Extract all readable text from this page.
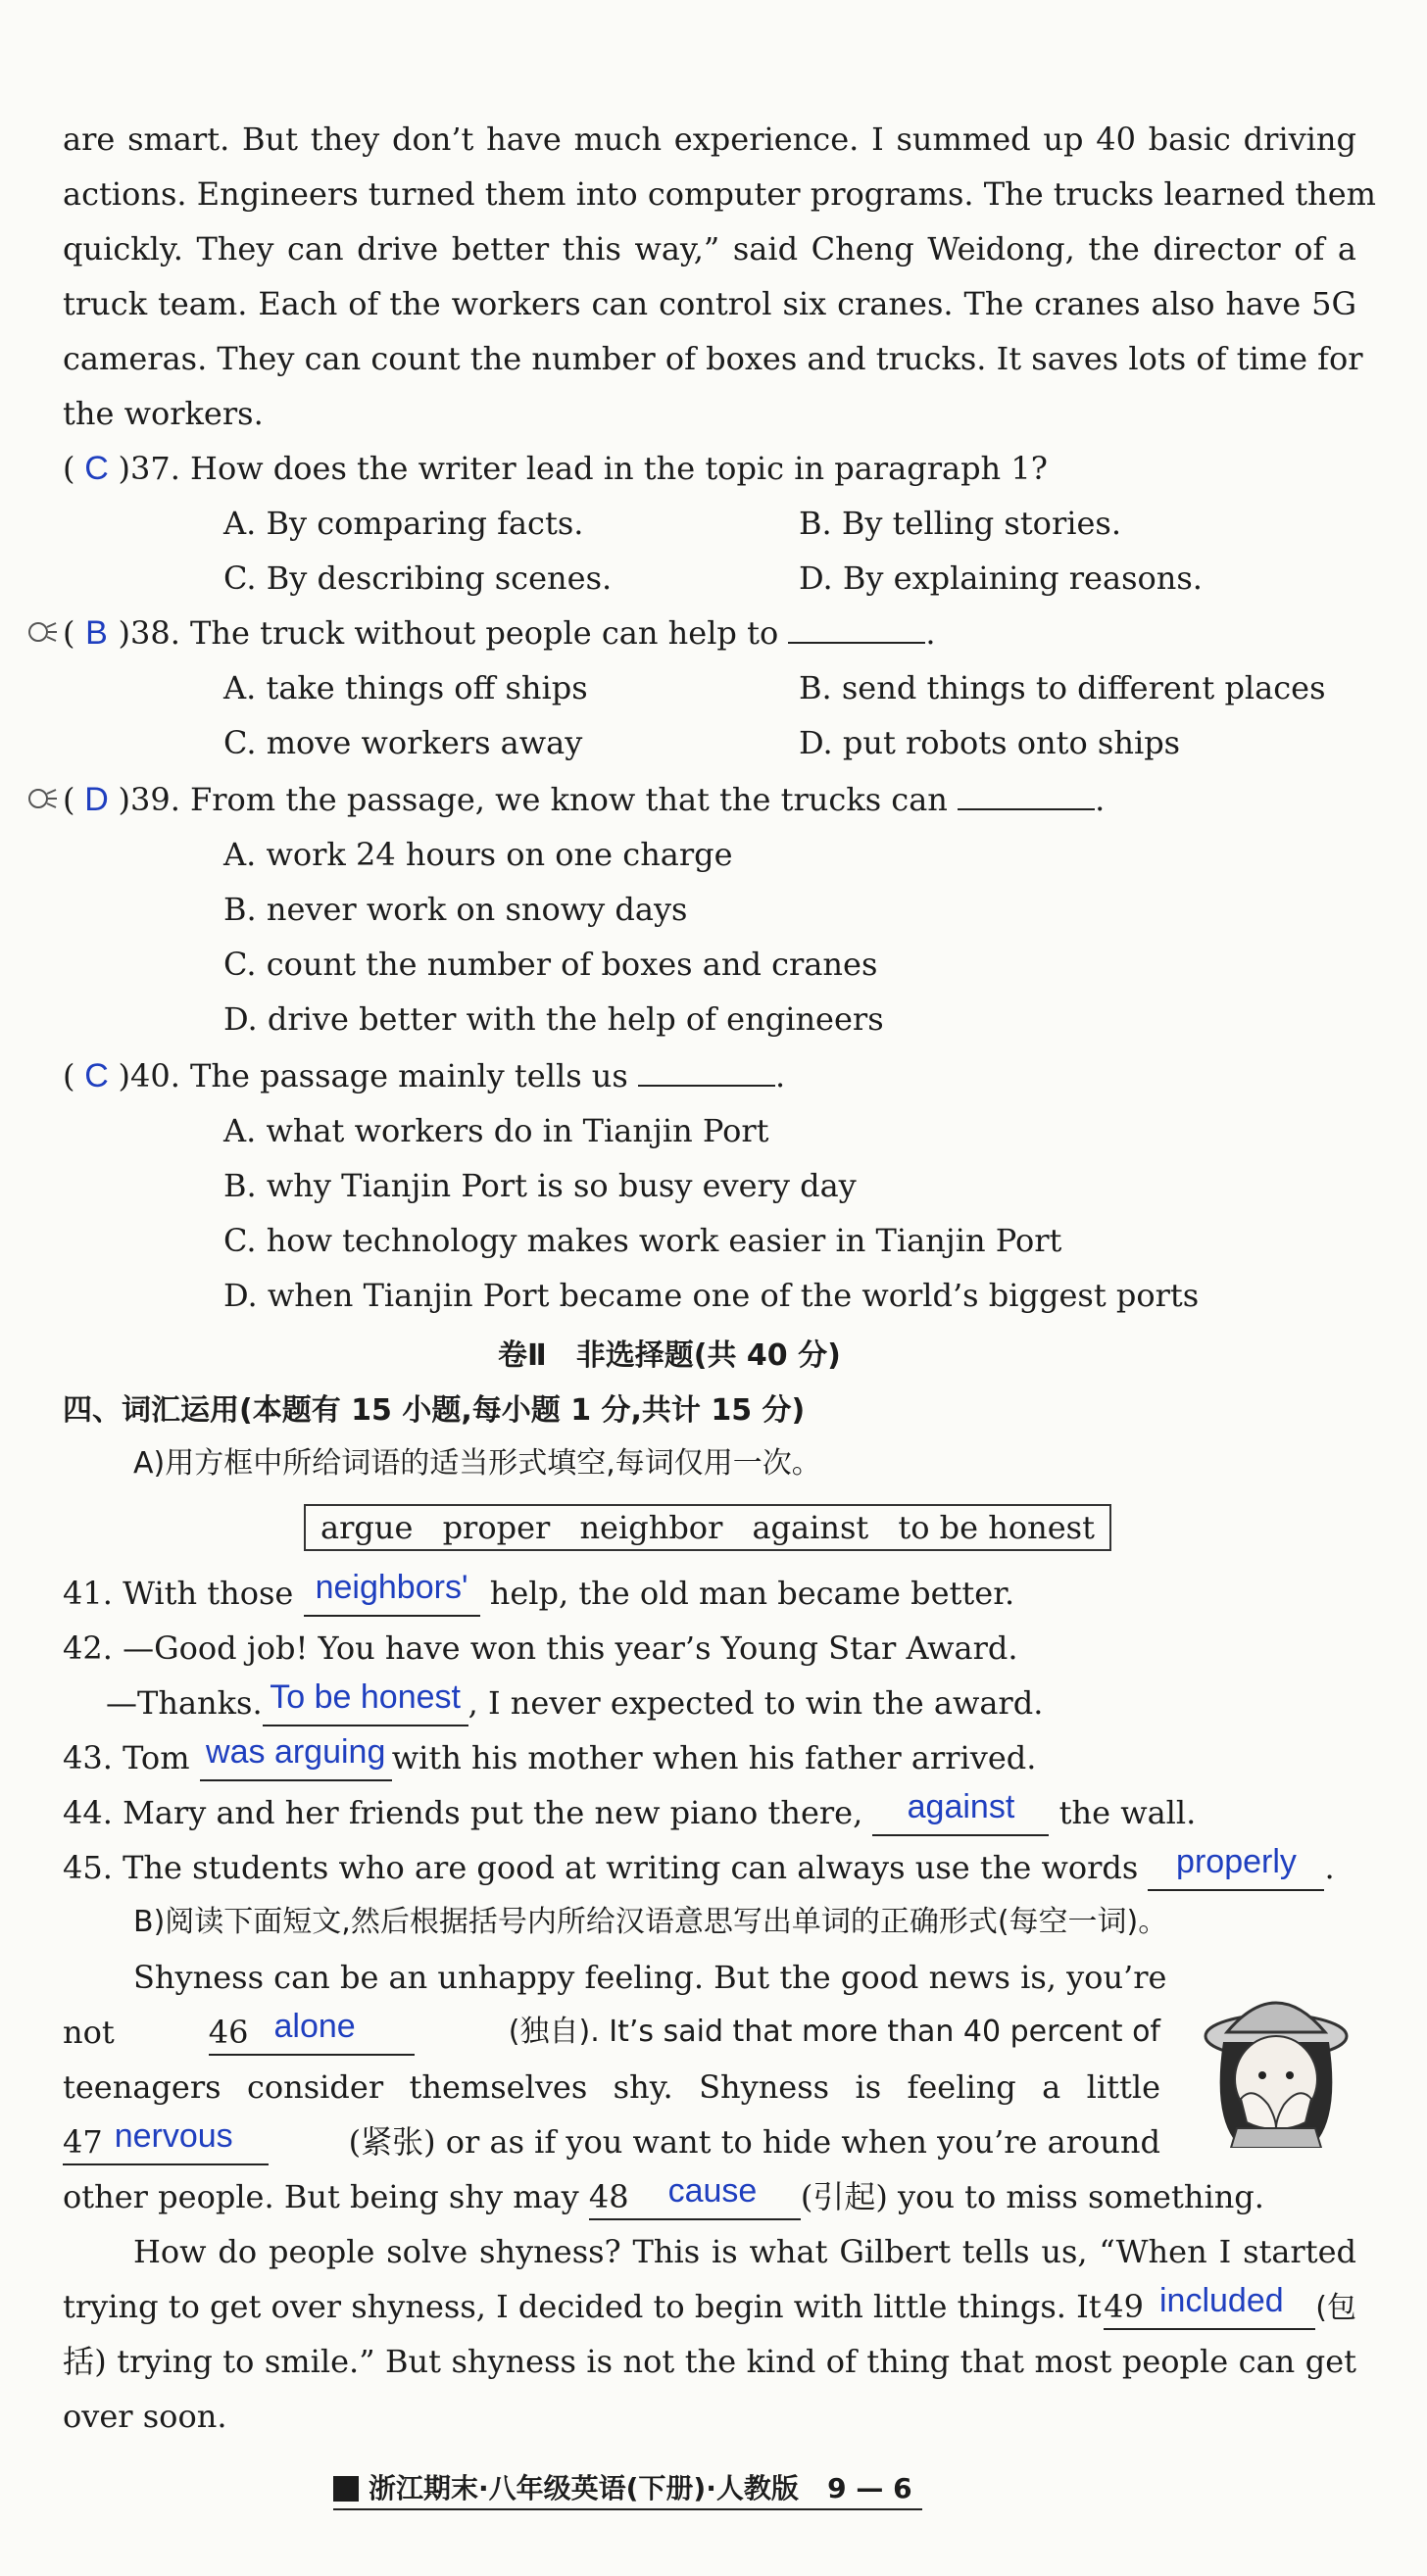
are smart. But they don’t have much experience. I summed up 40 basic driving
actions. Engineers turned them into computer programs. The trucks learned them
quickly. They can drive better this way,” said Cheng Weidong, the director of a
truck team. Each of the workers can control six cranes. The cranes also have 5G
cameras. They can count the number of boxes and trucks. It saves lots of time for
the workers.
( C )37. How does the writer lead in the topic in paragraph 1?
A. By comparing facts.	B. By telling stories.
C. By describing scenes.	D. By explaining reasons.
( B )38. The truck without people can help to	.
A. take things off ships	B. send things to different places
C. move workers away	D. put robots onto ships
( D )39. From the passage, we know that the trucks can	.
A. work 24 hours on one charge
B. never work on snowy days
C. count the number of boxes and cranes
D. drive better with the help of engineers
( C )40. The passage mainly tells us	.
A. what workers do in Tianjin Port
B. why Tianjin Port is so busy every day
C. how technology makes work easier in Tianjin Port
D. when Tianjin Port became one of the world’s biggest ports
卷Ⅱ　非选择题(共 40 分)
四、词汇运用(本题有 15 小题,每小题 1 分,共计 15 分)
A)用方框中所给词语的适当形式填空,每词仅用一次。
argue proper neighbor against to be honest
41. With those neighbors' help, the old man became better.
42. —Good job! You have won this year’s Young Star Award.
—Thanks. To be honest , I never expected to win the award.
43. Tom was arguing with his mother when his father arrived.
44. Mary and her friends put the new piano there, against the wall.
45. The students who are good at writing can always use the words properly .
B)阅读下面短文,然后根据括号内所给汉语意思写出单词的正确形式(每空一词)。
Shyness can be an unhappy feeling. But the good news is, you’re
not	46 alone	(独自). It’s said that more than 40 percent of
teenagers consider themselves shy. Shyness is feeling a little
47 nervous	(紧张) or as if you want to hide when you’re around
other people. But being shy may 48 cause (引起) you to miss something.
How do people solve shyness? This is what Gilbert tells us, “When I started
trying to get over shyness, I decided to begin with little things. It 49 included (包
括) trying to smile.” But shyness is not the kind of thing that most people can get
over soon.
浙江期末·八年级英语(下册)·人教版 9 — 6
